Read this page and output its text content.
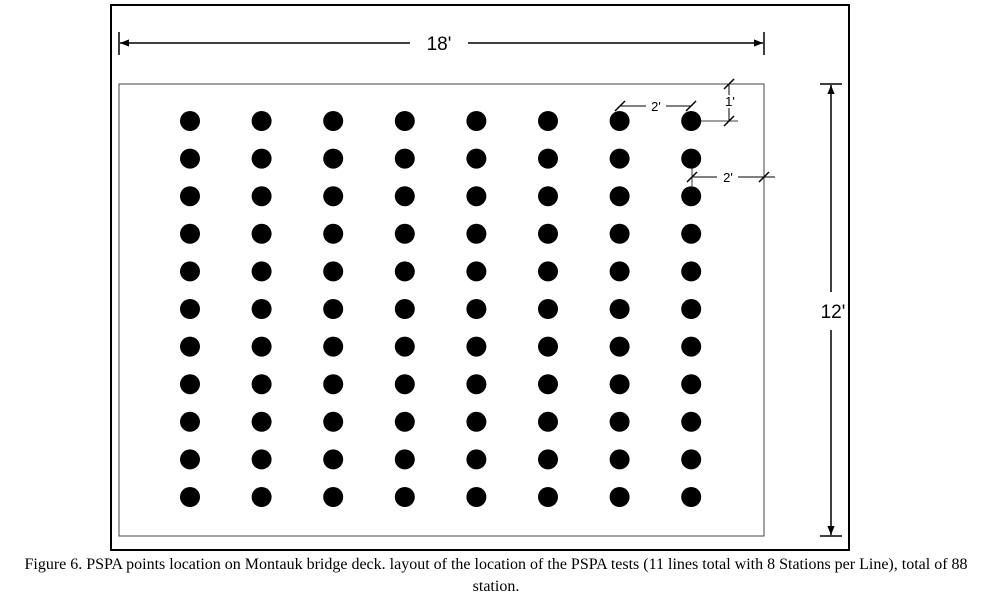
18'
12'
2'	1'
2'
Figure 6. PSPA points location on Montauk bridge deck. layout of the location of the PSPA tests (11 lines total with 8 Stations per Line), total of 88 station.
